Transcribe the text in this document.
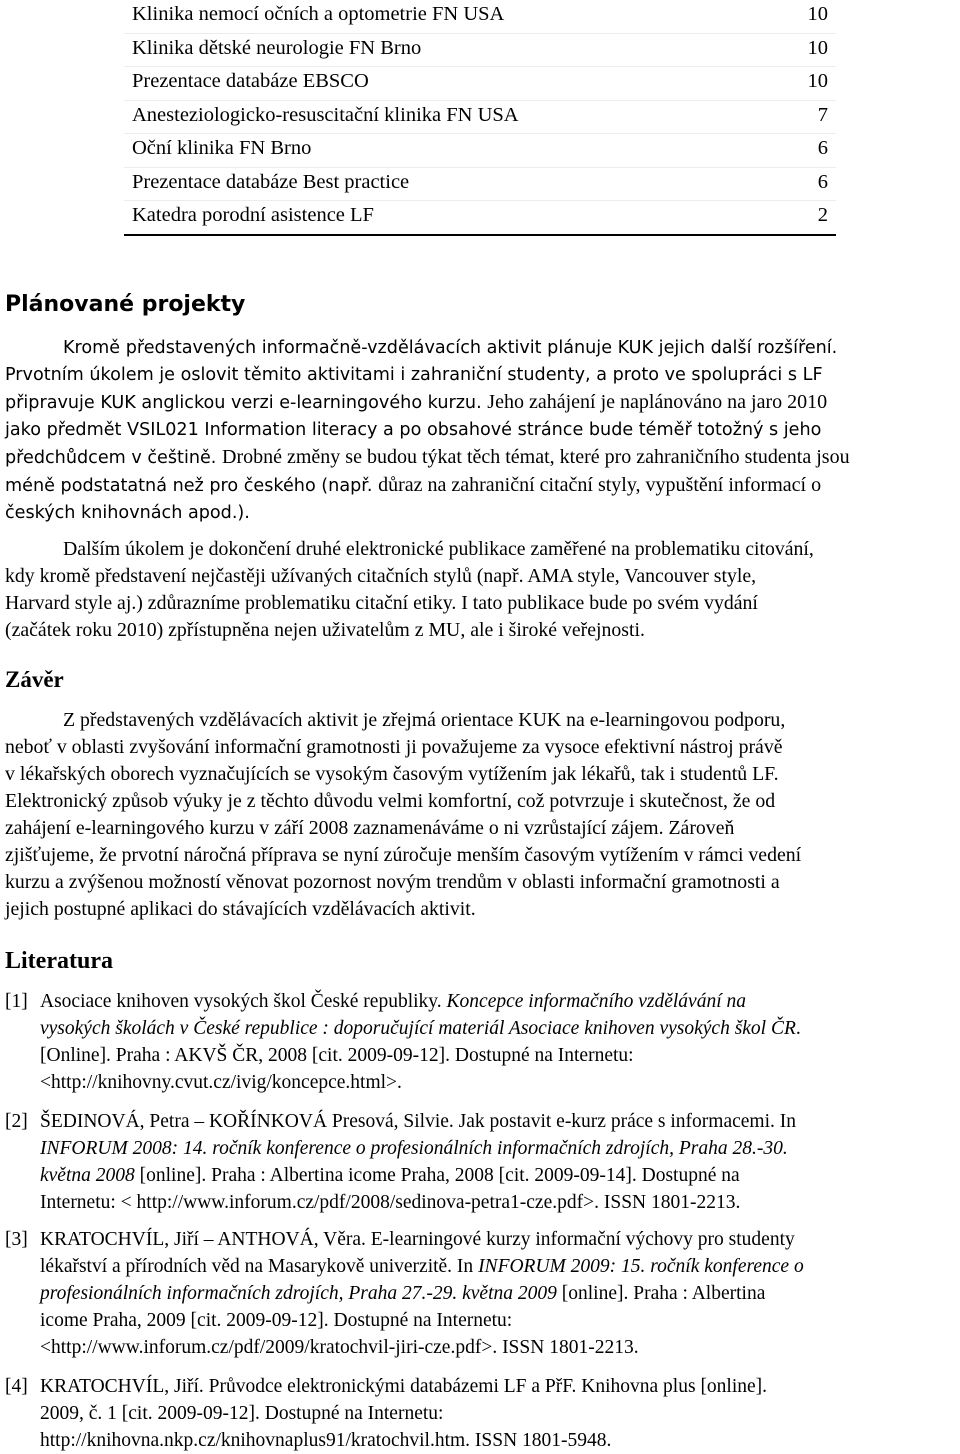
Klinika nemocí očních a optometrie FN USA	10
Klinika dětské neurologie FN Brno	10
Prezentace databáze EBSCO	10
Anesteziologicko-resuscitační klinika FN USA	7
Oční klinika FN Brno	6
Prezentace databáze Best practice	6
Katedra porodní asistence LF	2
Plánované projekty
Kromě představených informačně-vzdělávacích aktivit plánuje KUK jejich další rozšíření.
Prvotním úkolem je oslovit těmito aktivitami i zahraniční studenty, a proto ve spolupráci s LF
připravuje KUK anglickou verzi e-learningového kurzu. Jeho zahájení je naplánováno na jaro 2010
jako předmět VSIL021 Information literacy a po obsahové stránce bude téměř totožný s jeho
předchůdcem v češtině. Drobné změny se budou týkat těch témat, které pro zahraničního studenta jsou
méně podstatatná než pro českého (např. důraz na zahraniční citační styly, vypuštění informací o
českých knihovnách apod.).
Dalším úkolem je dokončení druhé elektronické publikace zaměřené na problematiku citování,
kdy kromě představení nejčastěji užívaných citačních stylů (např. AMA style, Vancouver style,
Harvard style aj.) zdůrazníme problematiku citační etiky. I tato publikace bude po svém vydání
(začátek roku 2010) zpřístupněna nejen uživatelům z MU, ale i široké veřejnosti.
Závěr
Z představených vzdělávacích aktivit je zřejmá orientace KUK na e-learningovou podporu,
neboť v oblasti zvyšování informační gramotnosti ji považujeme za vysoce efektivní nástroj právě
v lékařských oborech vyznačujících se vysokým časovým vytížením jak lékařů, tak i studentů LF.
Elektronický způsob výuky je z těchto důvodu velmi komfortní, což potvrzuje i skutečnost, že od
zahájení e-learningového kurzu v září 2008 zaznamenáváme o ni vzrůstající zájem. Zároveň
zjišťujeme, že prvotní náročná příprava se nyní zúročuje menším časovým vytížením v rámci vedení
kurzu a zvýšenou možností věnovat pozornost novým trendům v oblasti informační gramotnosti a
jejich postupné aplikaci do stávajících vzdělávacích aktivit.
Literatura
[1] Asociace knihoven vysokých škol České republiky. Koncepce informačního vzdělávání na
vysokých školách v České republice : doporučující materiál Asociace knihoven vysokých škol ČR.
[Online]. Praha : AKVŠ ČR, 2008 [cit. 2009-09-12]. Dostupné na Internetu:
<http://knihovny.cvut.cz/ivig/koncepce.html>.
[2] ŠEDINOVÁ, Petra – KOŘÍNKOVÁ Presová, Silvie. Jak postavit e-kurz práce s informacemi. In
INFORUM 2008: 14. ročník konference o profesionálních informačních zdrojích, Praha 28.-30.
května 2008 [online]. Praha : Albertina icome Praha, 2008 [cit. 2009-09-14]. Dostupné na
Internetu: < http://www.inforum.cz/pdf/2008/sedinova-petra1-cze.pdf>. ISSN 1801-2213.
[3] KRATOCHVÍL, Jiří – ANTHOVÁ, Věra. E-learningové kurzy informační výchovy pro studenty
lékařství a přírodních věd na Masarykově univerzitě. In INFORUM 2009: 15. ročník konference o
profesionálních informačních zdrojích, Praha 27.-29. května 2009 [online]. Praha : Albertina
icome Praha, 2009 [cit. 2009-09-12]. Dostupné na Internetu:
<http://www.inforum.cz/pdf/2009/kratochvil-jiri-cze.pdf>. ISSN 1801-2213.
[4] KRATOCHVÍL, Jiří. Průvodce elektronickými databázemi LF a PřF. Knihovna plus [online].
2009, č. 1 [cit. 2009-09-12]. Dostupné na Internetu:
http://knihovna.nkp.cz/knihovnaplus91/kratochvil.htm. ISSN 1801-5948.
